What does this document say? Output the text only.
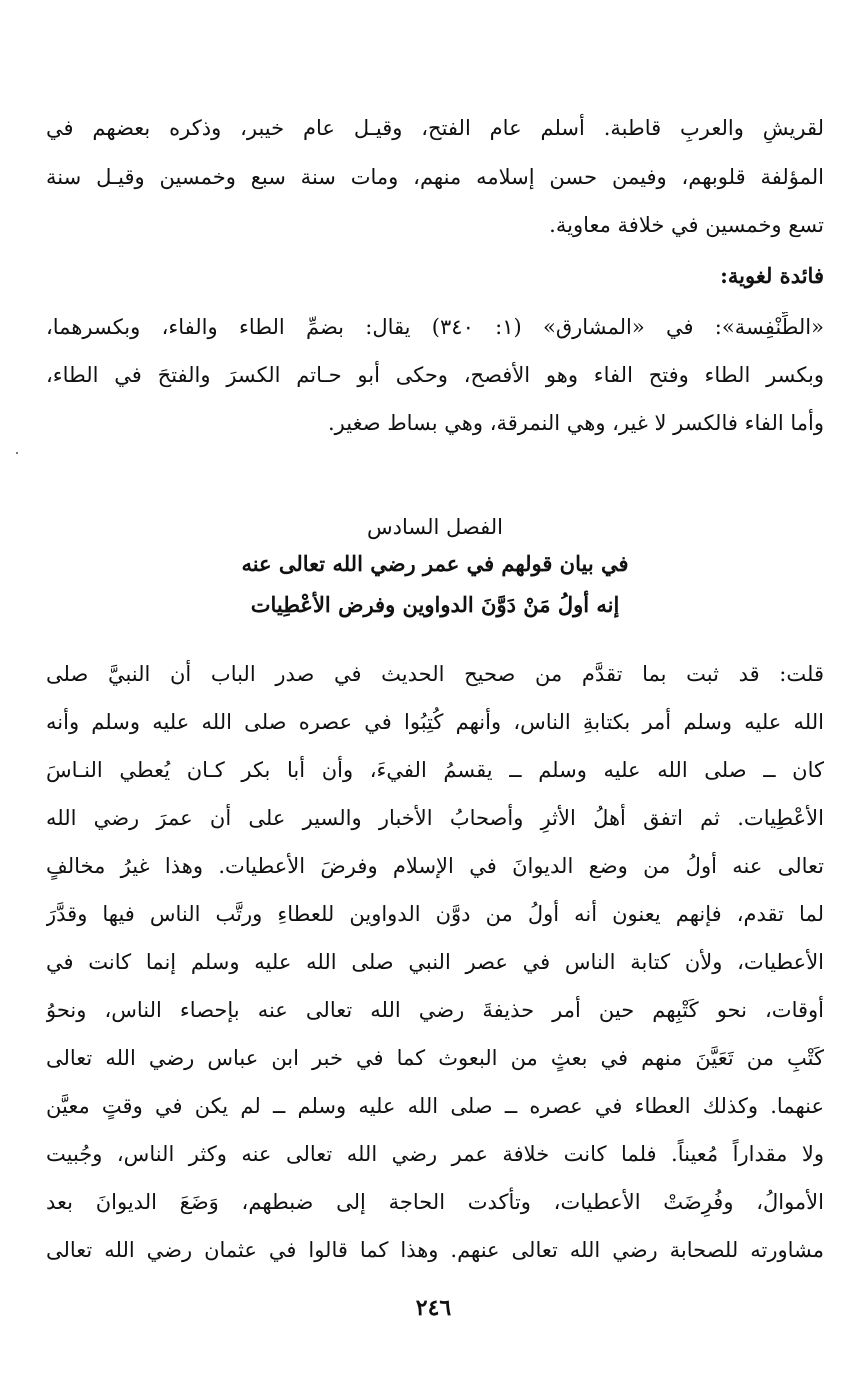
لقريشٍ والعربِ قاطبة. أسلم عام الفتح، وقيـل عام خيبر، وذكره بعضهم في
المؤلفة قلوبهم، وفيمن حسن إسلامه منهم، ومات سنة سبع وخمسين وقيـل سنة
تسع وخمسين في خلافة معاوية.
فائدة لغوية:
«الطِّنْفِسة»: في «المشارق» (١: ٣٤٠) يقال: بضمِّ الطاء والفاء، وبكسرهما،
وبكسر الطاء وفتح الفاء وهو الأفصح، وحكى أبو حـاتم الكسرَ والفتحَ في الطاء،
وأما الفاء فالكسر لا غير، وهي النمرقة، وهي بساط صغير.
الفصل السادس
في بيان قولهم في عمر رضي الله تعالى عنه
إنه أولُ مَنْ دَوَّنَ الدواوين وفرض الأعْطِيات
قلت: قد ثبت بما تقدَّم من صحيح الحديث في صدر الباب أن النبيَّ صلى
الله عليه وسلم أمر بكتابةِ الناس، وأنهم كُتِبُوا في عصره صلى الله عليه وسلم وأنه
كان ــ صلى الله عليه وسلم ــ يقسمُ الفيءَ، وأن أبا بكر كـان يُعطي النـاسَ
الأعْطِيات. ثم اتفق أهلُ الأثرِ وأصحابُ الأخبار والسير على أن عمرَ رضي الله
تعالى عنه أولُ من وضع الديوانَ في الإسلام وفرضَ الأعطيات. وهذا غيرُ مخالفٍ
لما تقدم، فإنهم يعنون أنه أولُ من دوَّن الدواوين للعطاءِ ورتَّب الناس فيها وقدَّرَ
الأعطيات، ولأن كتابة الناس في عصر النبي صلى الله عليه وسلم إنما كانت في
أوقات، نحو كَتْبِهم حين أمر حذيفةَ رضي الله تعالى عنه بإحصاء الناس، ونحوُ
كَتْبِ من تَعَيَّنَ منهم في بعثٍ من البعوث كما في خبر ابن عباس رضي الله تعالى
عنهما. وكذلك العطاء في عصره ــ صلى الله عليه وسلم ــ لم يكن في وقتٍ معيَّن
ولا مقداراً مُعيناً. فلما كانت خلافة عمر رضي الله تعالى عنه وكثر الناس، وجُبيت
الأموالُ، وفُرِضَتْ الأعطيات، وتأكدت الحاجة إلى ضبطهم، وَضَعَ الديوانَ بعد
مشاورته للصحابة رضي الله تعالى عنهم. وهذا كما قالوا في عثمان رضي الله تعالى
٢٤٦
